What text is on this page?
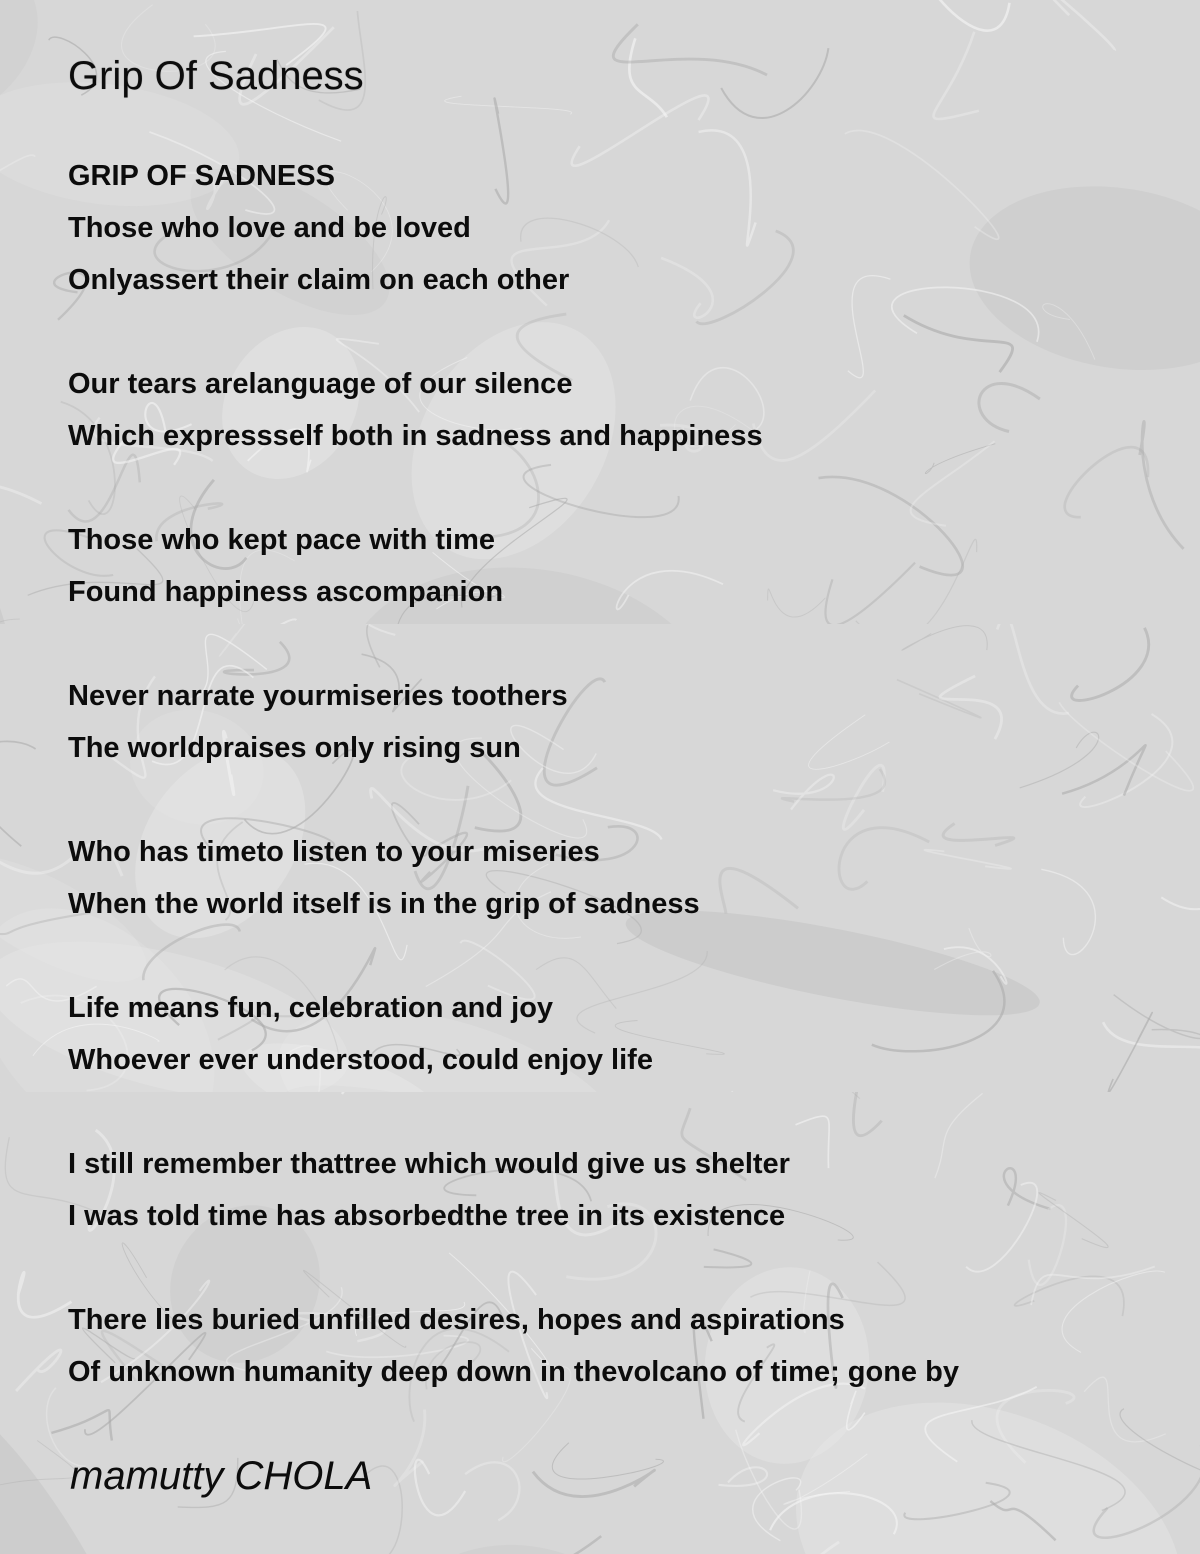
Grip Of Sadness
GRIP OF SADNESS
Those who love and be loved
Onlyassert their claim on each other
Our tears arelanguage of our silence
Which expressself both in sadness and happiness
Those who kept pace with time
Found happiness ascompanion
Never narrate yourmiseries toothers
The worldpraises only rising sun
Who has timeto listen to your miseries
When the world itself is in the grip of sadness
Life means fun, celebration and joy
Whoever ever understood, could enjoy life
I still remember thattree which would give us shelter
I was told time has absorbedthe tree in its existence
There lies buried unfilled desires, hopes and aspirations
Of unknown humanity deep down in thevolcano of time; gone by

mamutty CHOLA
